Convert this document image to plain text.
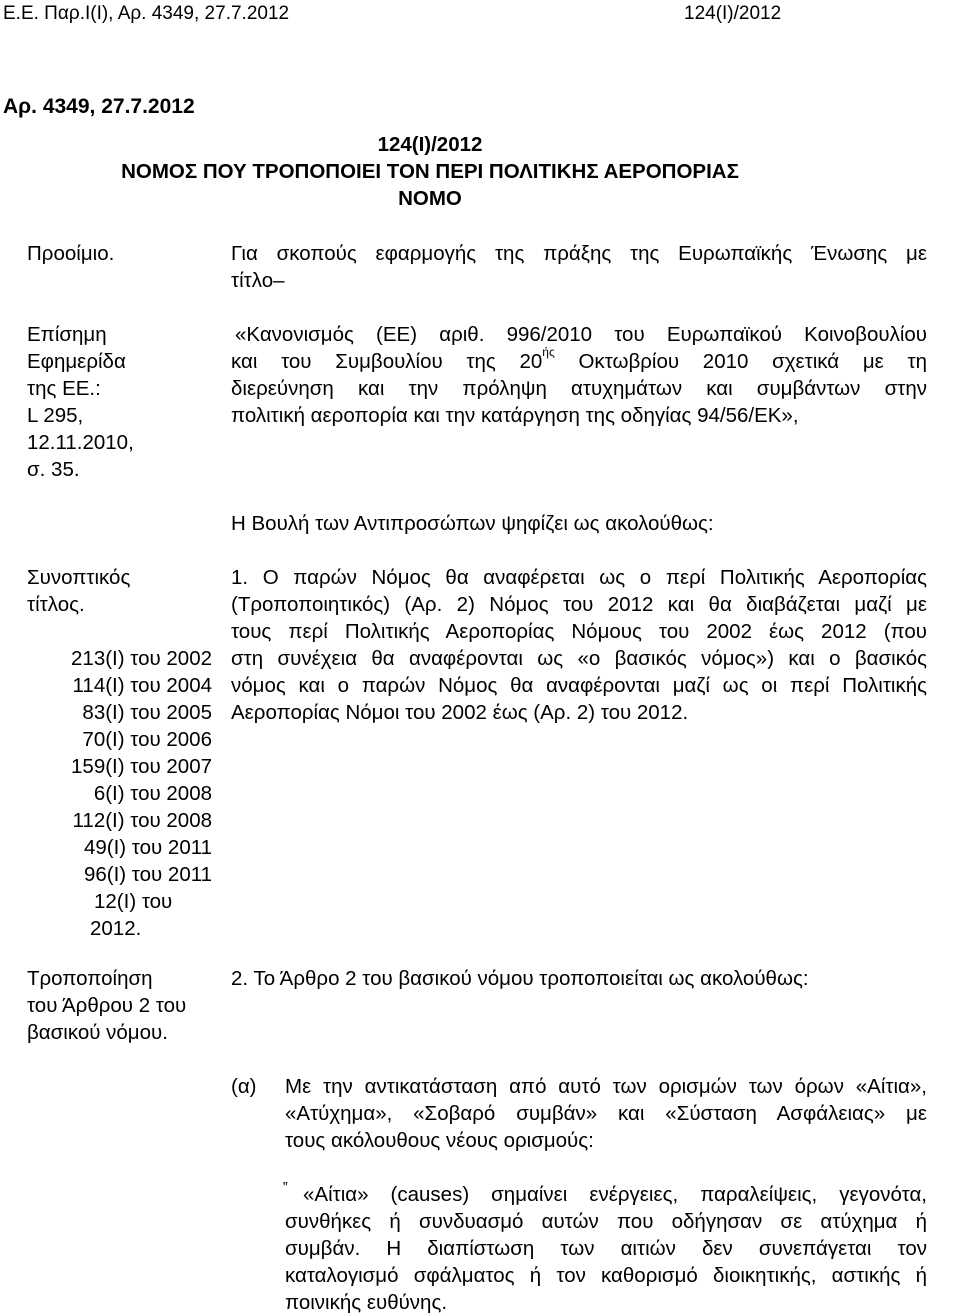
Ε.Ε. Παρ.Ι(Ι), Αρ. 4349, 27.7.2012	124(Ι)/2012
Αρ. 4349, 27.7.2012
124(I)/2012
ΝΟΜΟΣ ΠΟΥ ΤΡΟΠΟΠΟΙΕΙ ΤΟΝ ΠΕΡΙ ΠΟΛΙΤΙΚΗΣ ΑΕΡΟΠΟΡΙΑΣ
ΝΟΜΟ
Προοίμιο.
Επίσημη
Εφημερίδα
της ΕΕ.:
L 295,
12.11.2010,
σ. 35.
Συνοπτικός
τίτλος.
213(Ι) του 2002
114(Ι) του 2004
83(Ι) του 2005
70(Ι) του 2006
159(Ι) του 2007
6(Ι) του 2008
112(Ι) του 2008
49(Ι) του 2011
96(Ι) του 2011
12(Ι) του
2012.
Τροποποίηση
του Άρθρου 2 του
βασικού νόμου.
Για σκοπούς εφαρμογής της πράξης της Ευρωπαϊκής Ένωσης με
τίτλο–
«Κανονισμός (ΕΕ) αριθ. 996/2010 του Ευρωπαϊκού Κοινοβουλίου
και του Συμβουλίου της $20^{ή\varsigma}$ Οκτωβρίου 2010 σχετικά με τη
διερεύνηση και την πρόληψη ατυχημάτων και συμβάντων στην
πολιτική αεροπορία και την κατάργηση της οδηγίας 94/56/ΕΚ»,
Η Βουλή των Αντιπροσώπων ψηφίζει ως ακολούθως:
1. Ο παρών Νόμος θα αναφέρεται ως ο περί Πολιτικής Αεροπορίας
(Τροποποιητικός) (Αρ. 2) Νόμος του 2012 και θα διαβάζεται μαζί με
τους περί Πολιτικής Αεροπορίας Νόμους του 2002 έως 2012 (που
στη συνέχεια θα αναφέρονται ως «ο βασικός νόμος») και ο βασικός
νόμος και ο παρών Νόμος θα αναφέρονται μαζί ως οι περί Πολιτικής
Αεροπορίας Νόμοι του 2002 έως (Αρ. 2) του 2012.
2. Το Άρθρο 2 του βασικού νόμου τροποποιείται ως ακολούθως:
(α) Με την αντικατάσταση από αυτό των ορισμών των όρων «Αίτια»,
«Ατύχημα», «Σοβαρό συμβάν» και «Σύσταση Ασφάλειας» με
τους ακόλουθους νέους ορισμούς:
‟ «Αίτια» (causes) σημαίνει ενέργειες, παραλείψεις, γεγονότα,
συνθήκες ή συνδυασμό αυτών που οδήγησαν σε ατύχημα ή
συμβάν. Η διαπίστωση των αιτιών δεν συνεπάγεται τον
καταλογισμό σφάλματος ή τον καθορισμό διοικητικής, αστικής ή
ποινικής ευθύνης.
